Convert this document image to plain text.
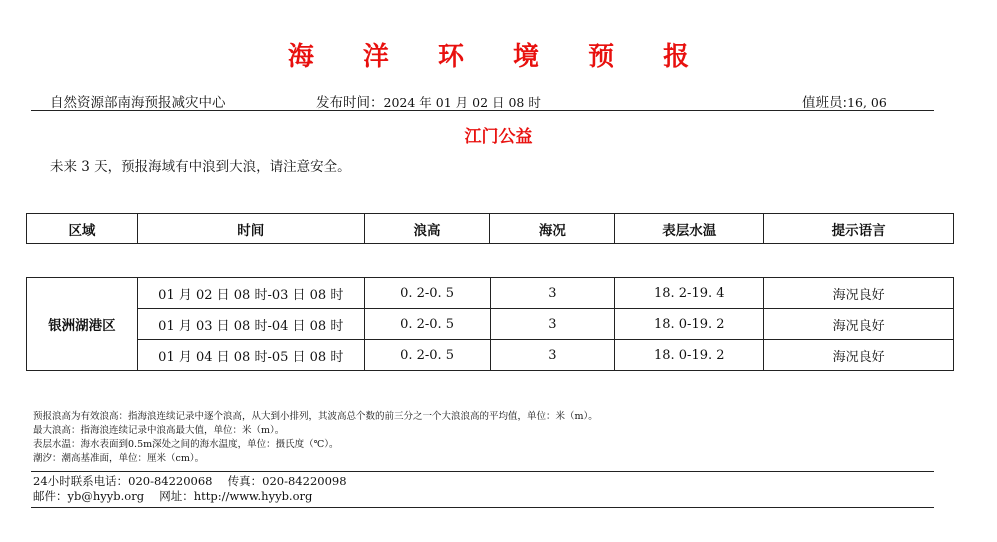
海 洋 环 境 预 报
自然资源部南海预报减灾中心	发布时间：2024 年 01 月 02 日 08 时	值班员:16, 06
江门公益
未来 3 天，预报海域有中浪到大浪，请注意安全。
区域	时间	浪高	海况	表层水温	提示语言
银洲湖港区	01 月 02 日 08 时-03 日 08 时	0. 2-0. 5	3	18. 2-19. 4	海况良好
	01 月 03 日 08 时-04 日 08 时	0. 2-0. 5	3	18. 0-19. 2	海况良好
	01 月 04 日 08 时-05 日 08 时	0. 2-0. 5	3	18. 0-19. 2	海况良好
预报浪高为有效浪高：指海浪连续记录中逐个浪高，从大到小排列，其波高总个数的前三分之一个大浪浪高的平均值，单位：米（m）。
最大浪高：指海浪连续记录中浪高最大值，单位：米（m）。
表层水温：海水表面到0.5m深处之间的海水温度，单位：摄氏度（℃）。
潮汐：潮高基准面，单位：厘米（cm）。
24小时联系电话：020-84220068　 传真：020-84220098
邮件：yb@hyyb.org　 网址：http://www.hyyb.org
